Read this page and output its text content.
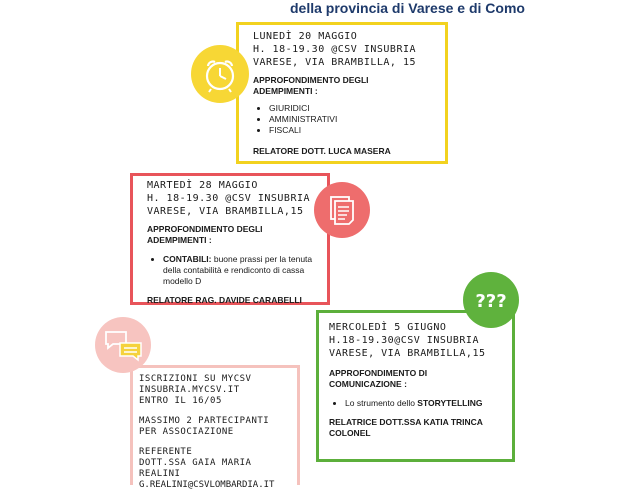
della provincia di Varese e di Como
LUNEDÌ 20 MAGGIO
H. 18-19.30 @CSV INSUBRIA
VARESE, VIA BRAMBILLA, 15
APPROFONDIMENTO DEGLI ADEMPIMENTI :
• GIURIDICI
• AMMINISTRATIVI
• FISCALI
RELATORE DOTT. LUCA MASERA
MARTEDÌ 28 MAGGIO
H. 18-19.30 @CSV INSUBRIA
VARESE, VIA BRAMBILLA,15
APPROFONDIMENTO DEGLI ADEMPIMENTI :
• CONTABILI: buone prassi per la tenuta della contabilità e rendiconto di cassa modello D
RELATORE RAG. DAVIDE CARABELLI
MERCOLEDÌ 5 GIUGNO
H.18-19.30@CSV INSUBRIA
VARESE, VIA BRAMBILLA,15
APPROFONDIMENTO DI COMUNICAZIONE :
• Lo strumento dello STORYTELLING
RELATRICE DOTT.SSA KATIA TRINCA COLONEL
???
ISCRIZIONI SU MYCSV
INSUBRIA.MYCSV.IT
ENTRO IL 16/05
MASSIMO 2 PARTECIPANTI
PER ASSOCIAZIONE
REFERENTE
DOTT.SSA GAIA MARIA
REALINI
G.REALINI@CSVLOMBARDIA.IT
